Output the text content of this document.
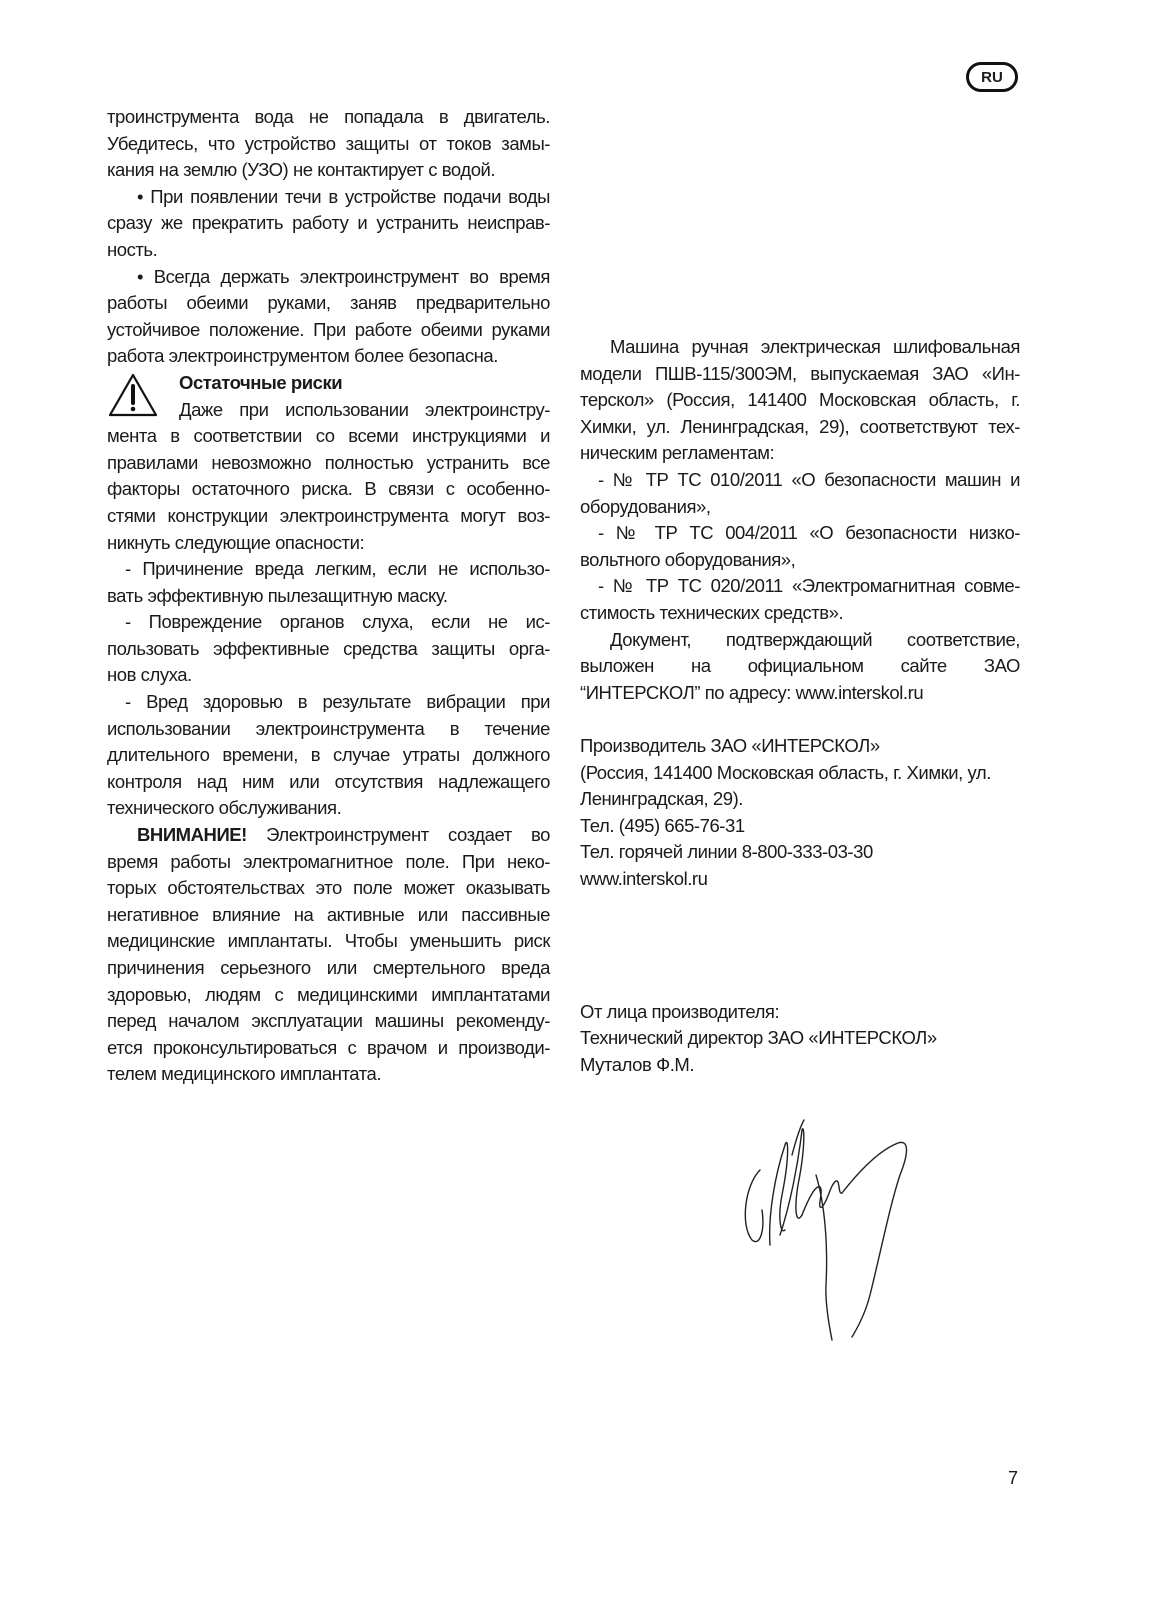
RU
троинструмента вода не попадала в двигатель.
Убедитесь, что устройство защиты от токов замы-
кания на землю (УЗО) не контактирует с водой.
• При появлении течи в устройстве подачи воды
сразу же прекратить работу и устранить неисправ-
ность.
• Всегда держать электроинструмент во время
работы обеими руками, заняв предварительно
устойчивое положение. При работе обеими руками
работа электроинструментом более безопасна.
Остаточные риски
Даже при использовании электроинстру-
мента в соответствии со всеми инструкциями и
правилами невозможно полностью устранить все
факторы остаточного риска. В связи с особенно-
стями конструкции электроинструмента могут воз-
никнуть следующие опасности:
- Причинение вреда легким, если не использо-
вать эффективную пылезащитную маску.
- Повреждение органов слуха, если не ис-
пользовать эффективные средства защиты орга-
нов слуха.
- Вред здоровью в результате вибрации при
использовании электроинструмента в течение
длительного времени, в случае утраты должного
контроля над ним или отсутствия надлежащего
технического обслуживания.
ВНИМАНИЕ! Электроинструмент создает во
время работы электромагнитное поле. При неко-
торых обстоятельствах это поле может оказывать
негативное влияние на активные или пассивные
медицинские имплантаты. Чтобы уменьшить риск
причинения серьезного или смертельного вреда
здоровью, людям с медицинскими имплантатами
перед началом эксплуатации машины рекоменду-
ется проконсультироваться с врачом и производи-
телем медицинского имплантата.
Машина ручная электрическая шлифовальная
модели ПШВ-115/300ЭМ, выпускаемая ЗАО «Ин-
терскол» (Россия, 141400 Московская область, г.
Химки, ул. Ленинградская, 29), соответствуют тех-
ническим регламентам:
- № ТР ТС 010/2011 «О безопасности машин и
оборудования»,
- № ТР ТС 004/2011 «О безопасности низко-
вольтного оборудования»,
- № ТР ТС 020/2011 «Электромагнитная совме-
стимость технических средств».
Документ, подтверждающий соответствие,
выложен на официальном сайте ЗАО
“ИНТЕРСКОЛ” по адресу: www.interskol.ru
Производитель ЗАО «ИНТЕРСКОЛ»
(Россия, 141400 Московская область, г. Химки, ул.
Ленинградская, 29).
Тел. (495) 665-76-31
Тел. горячей линии 8-800-333-03-30
www.interskol.ru
От лица производителя:
Технический директор ЗАО «ИНТЕРСКОЛ»
Муталов Ф.М.
7
